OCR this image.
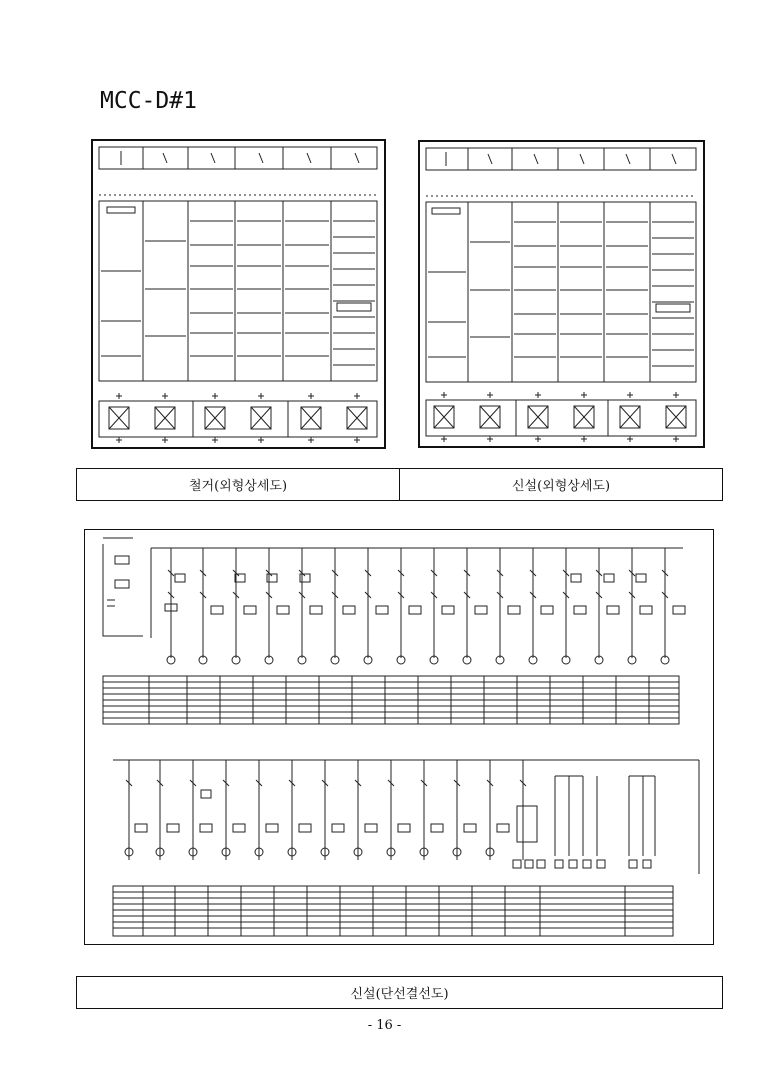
MCC-D#1
철거(외형상세도)	신설(외형상세도)
신설(단선결선도)
- 16 -
